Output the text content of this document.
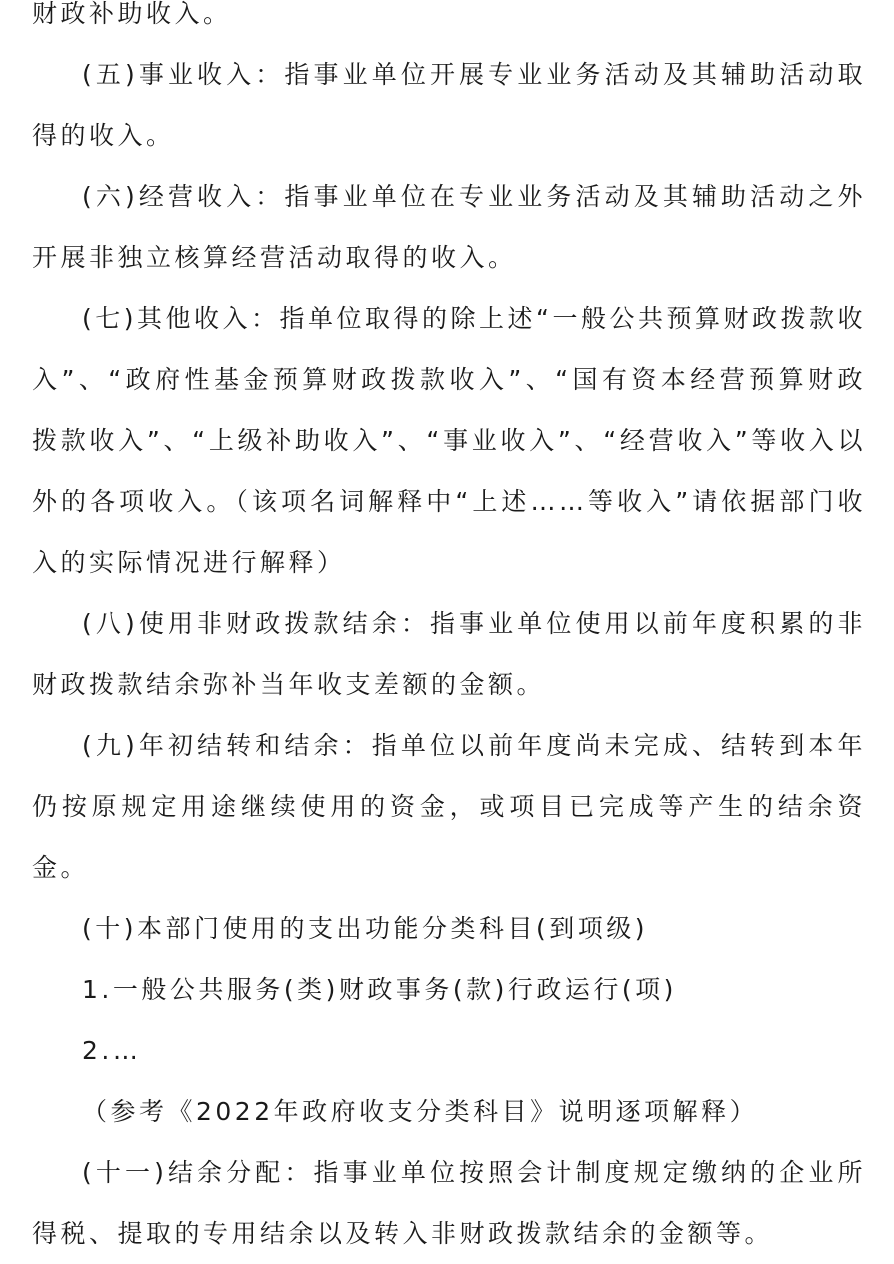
财政补助收入。

(五)事业收入：指事业单位开展专业业务活动及其辅助活动取得的收入。

(六)经营收入：指事业单位在专业业务活动及其辅助活动之外开展非独立核算经营活动取得的收入。

(七)其他收入：指单位取得的除上述“一般公共预算财政拨款收入”、“政府性基金预算财政拨款收入”、“国有资本经营预算财政拨款收入”、“上级补助收入”、“事业收入”、“经营收入”等收入以外的各项收入。（该项名词解释中“上述……等收入”请依据部门收入的实际情况进行解释）

(八)使用非财政拨款结余：指事业单位使用以前年度积累的非财政拨款结余弥补当年收支差额的金额。

(九)年初结转和结余：指单位以前年度尚未完成、结转到本年仍按原规定用途继续使用的资金，或项目已完成等产生的结余资金。

(十)本部门使用的支出功能分类科目(到项级)

1.一般公共服务(类)财政事务(款)行政运行(项)

2.…

（参考《2022年政府收支分类科目》说明逐项解释）

(十一)结余分配：指事业单位按照会计制度规定缴纳的企业所得税、提取的专用结余以及转入非财政拨款结余的金额等。
